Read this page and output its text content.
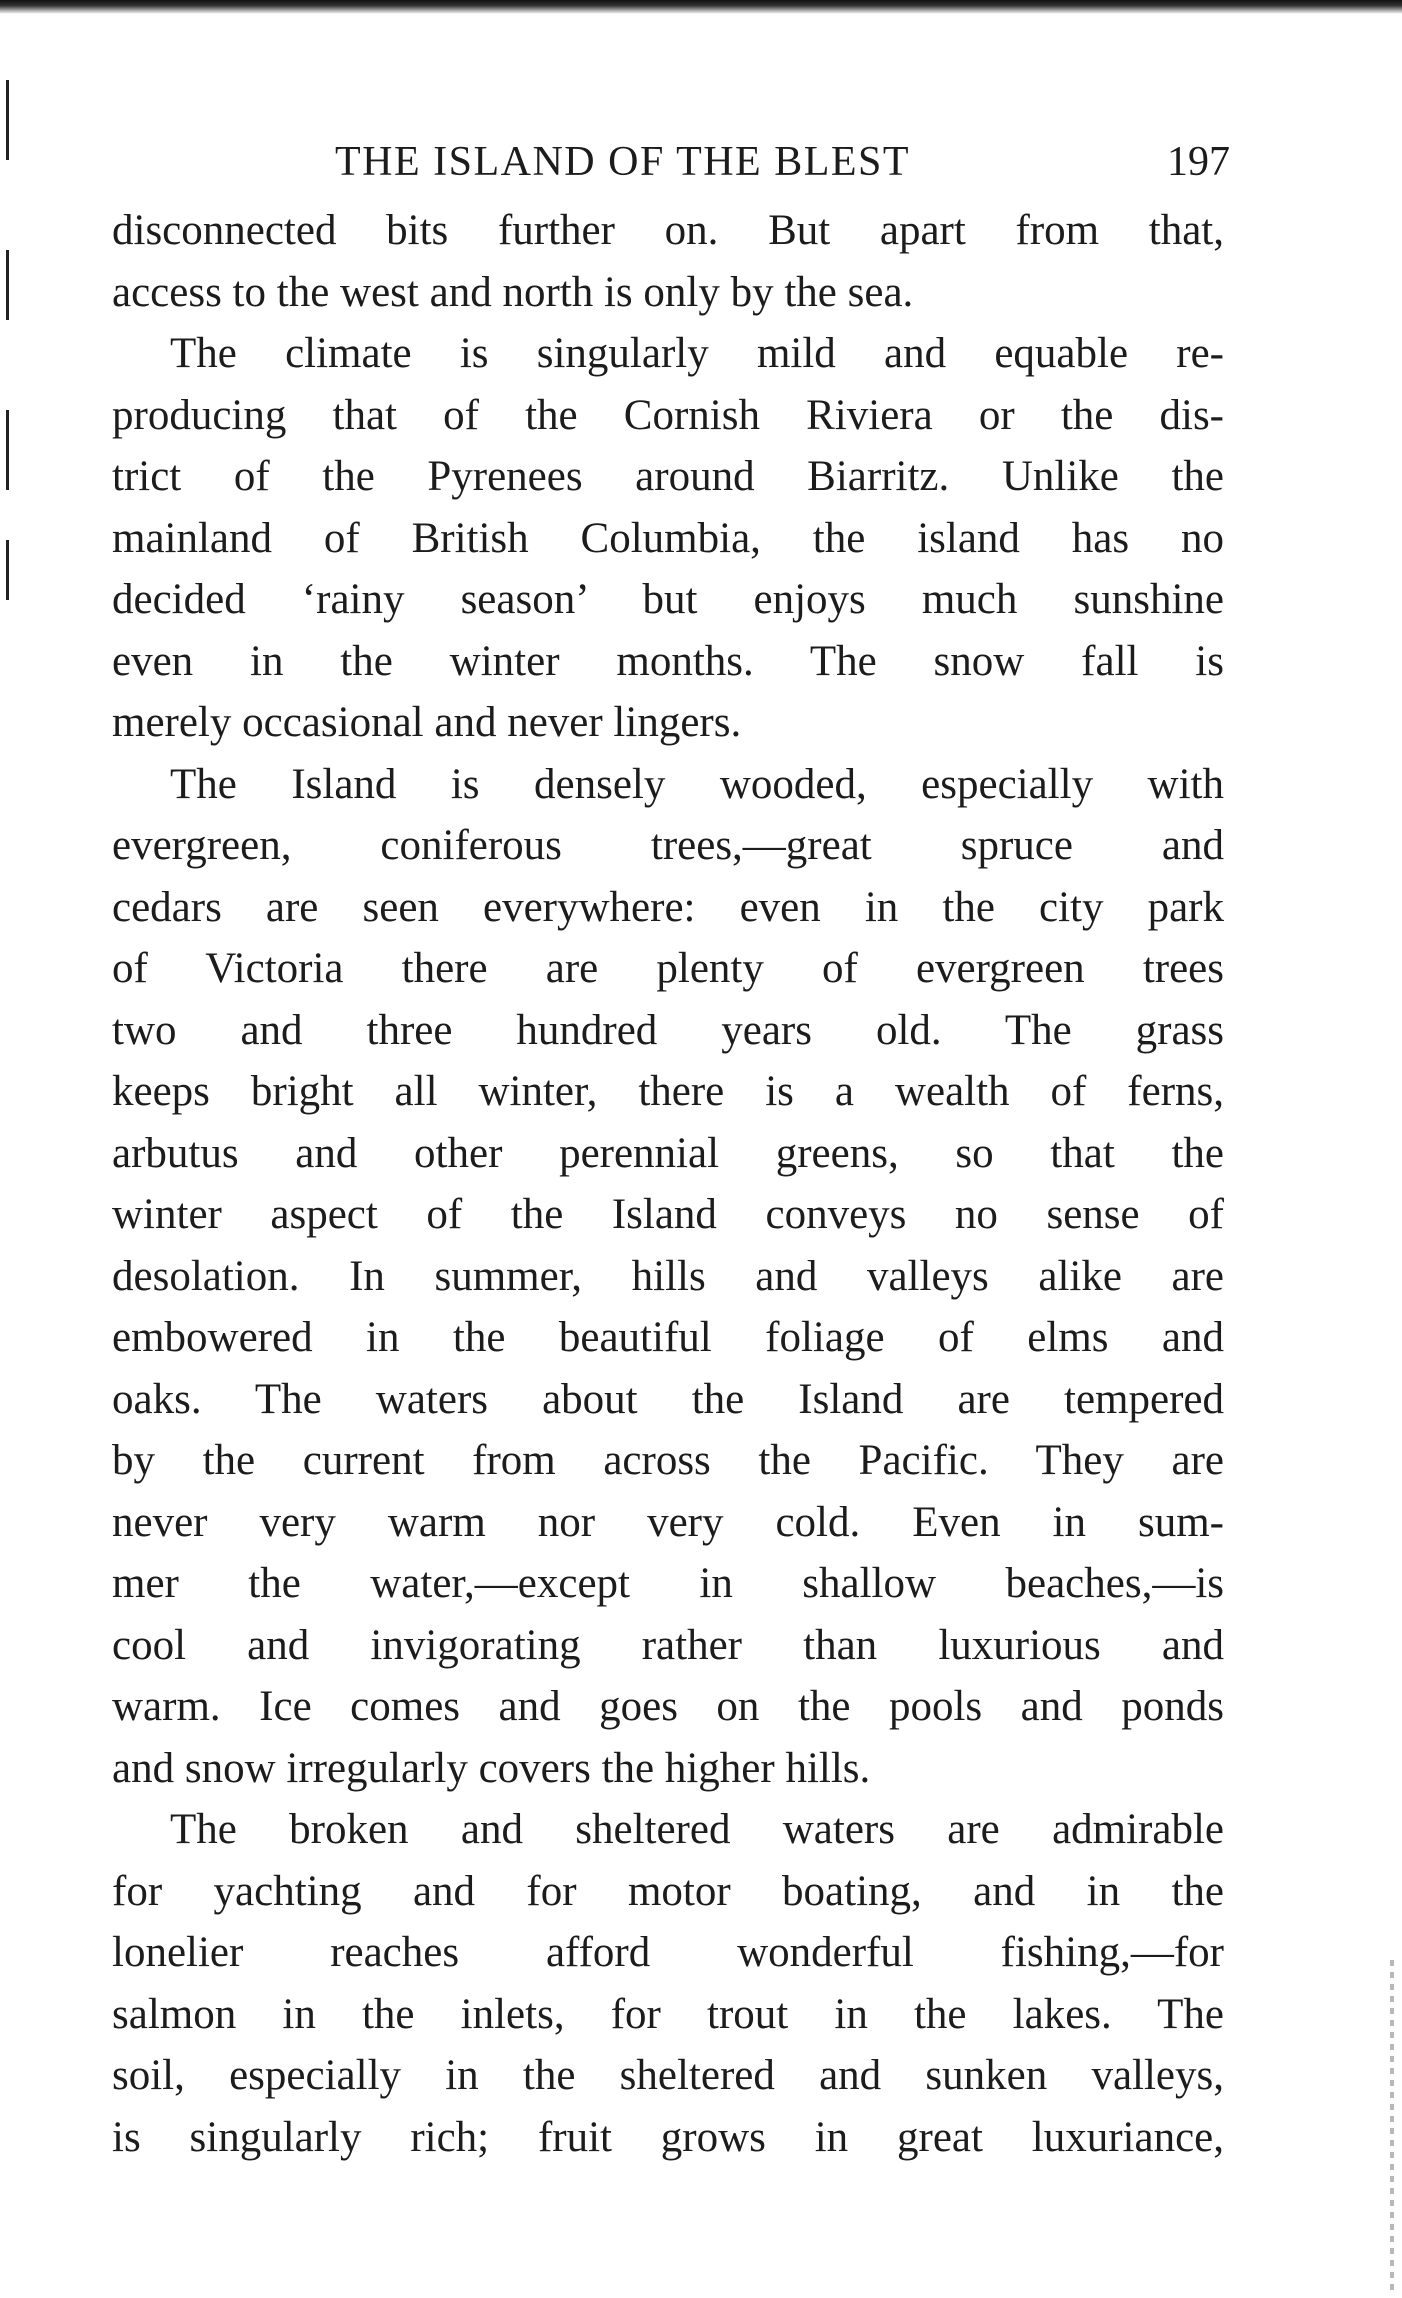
THE ISLAND OF THE BLEST	197
disconnected bits further on. But apart from that,
access to the west and north is only by the sea.
The climate is singularly mild and equable re-
producing that of the Cornish Riviera or the dis-
trict of the Pyrenees around Biarritz. Unlike the
mainland of British Columbia, the island has no
decided ‘rainy season’ but enjoys much sunshine
even in the winter months. The snow fall is
merely occasional and never lingers.
The Island is densely wooded, especially with
evergreen, coniferous trees,—great spruce and
cedars are seen everywhere: even in the city park
of Victoria there are plenty of evergreen trees
two and three hundred years old. The grass
keeps bright all winter, there is a wealth of ferns,
arbutus and other perennial greens, so that the
winter aspect of the Island conveys no sense of
desolation. In summer, hills and valleys alike are
embowered in the beautiful foliage of elms and
oaks. The waters about the Island are tempered
by the current from across the Pacific. They are
never very warm nor very cold. Even in sum-
mer the water,—except in shallow beaches,—is
cool and invigorating rather than luxurious and
warm. Ice comes and goes on the pools and ponds
and snow irregularly covers the higher hills.
The broken and sheltered waters are admirable
for yachting and for motor boating, and in the
lonelier reaches afford wonderful fishing,—for
salmon in the inlets, for trout in the lakes. The
soil, especially in the sheltered and sunken valleys,
is singularly rich; fruit grows in great luxuriance,
